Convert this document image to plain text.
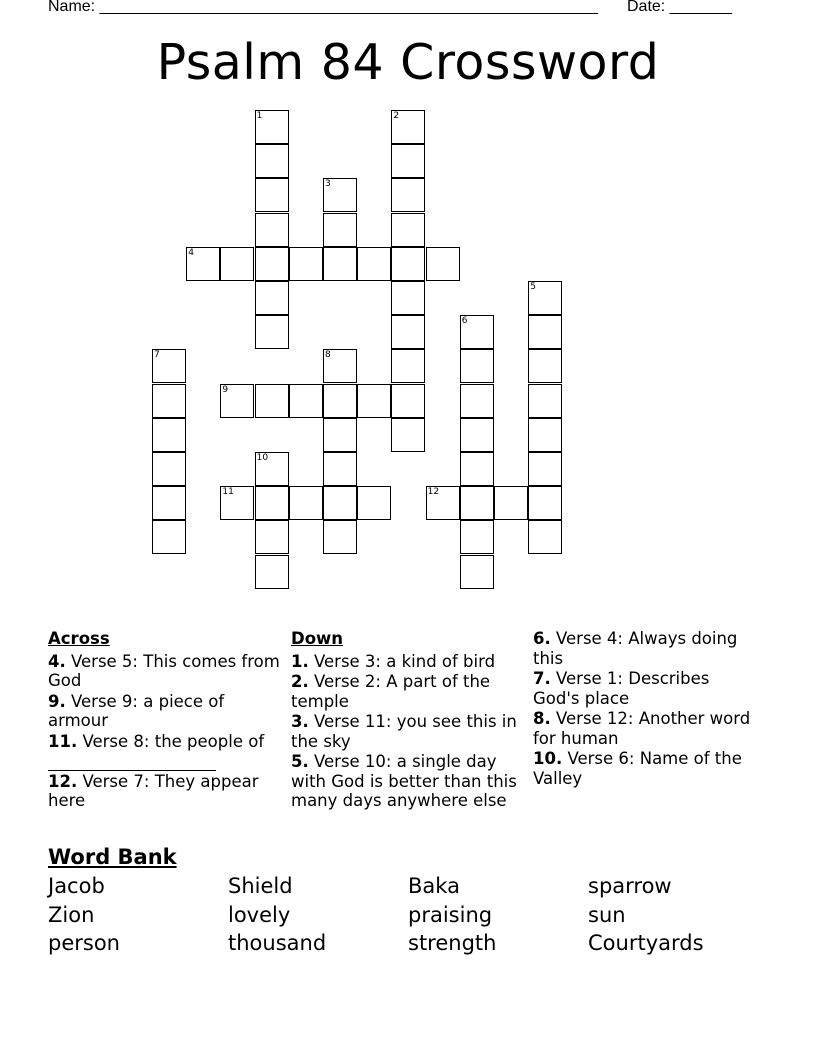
Name: ________________________________________________________ Date: _______
Psalm 84 Crossword
1	2
3
4
5
6
7	8
9
10
11	12
Across
4. Verse 5: This comes from God
9. Verse 9: a piece of armour
11. Verse 8: the people of

12. Verse 7: They appear here
Down
1. Verse 3: a kind of bird
2. Verse 2: A part of the temple
3. Verse 11: you see this in the sky
5. Verse 10: a single day with God is better than this many days anywhere else
6. Verse 4: Always doing this
7. Verse 1: Describes God's place
8. Verse 12: Another word for human
10. Verse 6: Name of the Valley
Word Bank
Jacob	Shield	Baka	sparrow
Zion	lovely	praising	sun
person	thousand	strength	Courtyards
